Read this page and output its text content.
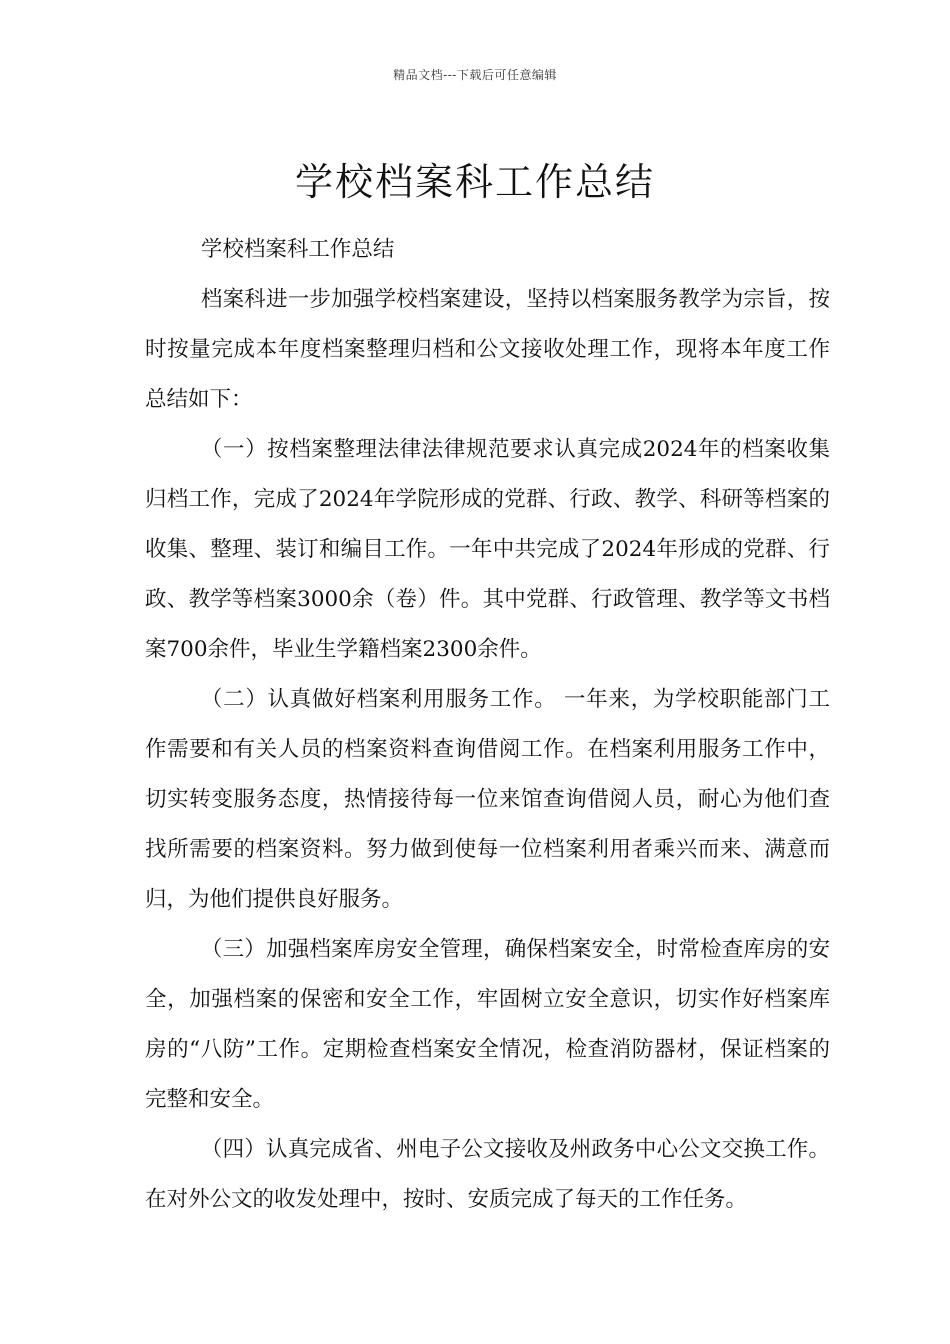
精品文档---下载后可任意编辑
学校档案科工作总结

学校档案科工作总结

档案科进一步加强学校档案建设，坚持以档案服务教学为宗旨，按时按量完成本年度档案整理归档和公文接收处理工作，现将本年度工作总结如下：

（一）按档案整理法律法律规范要求认真完成2024年的档案收集归档工作，完成了2024年学院形成的党群、行政、教学、科研等档案的收集、整理、装订和编目工作。一年中共完成了2024年形成的党群、行政、教学等档案3000余（卷）件。其中党群、行政管理、教学等文书档案700余件，毕业生学籍档案2300余件。

（二）认真做好档案利用服务工作。 一年来，为学校职能部门工作需要和有关人员的档案资料查询借阅工作。在档案利用服务工作中，切实转变服务态度，热情接待每一位来馆查询借阅人员，耐心为他们查找所需要的档案资料。努力做到使每一位档案利用者乘兴而来、满意而归，为他们提供良好服务。

（三）加强档案库房安全管理，确保档案安全，时常检查库房的安全，加强档案的保密和安全工作，牢固树立安全意识，切实作好档案库房的“八防”工作。定期检查档案安全情况，检查消防器材，保证档案的完整和安全。

（四）认真完成省、州电子公文接收及州政务中心公文交换工作。在对外公文的收发处理中，按时、安质完成了每天的工作任务。
